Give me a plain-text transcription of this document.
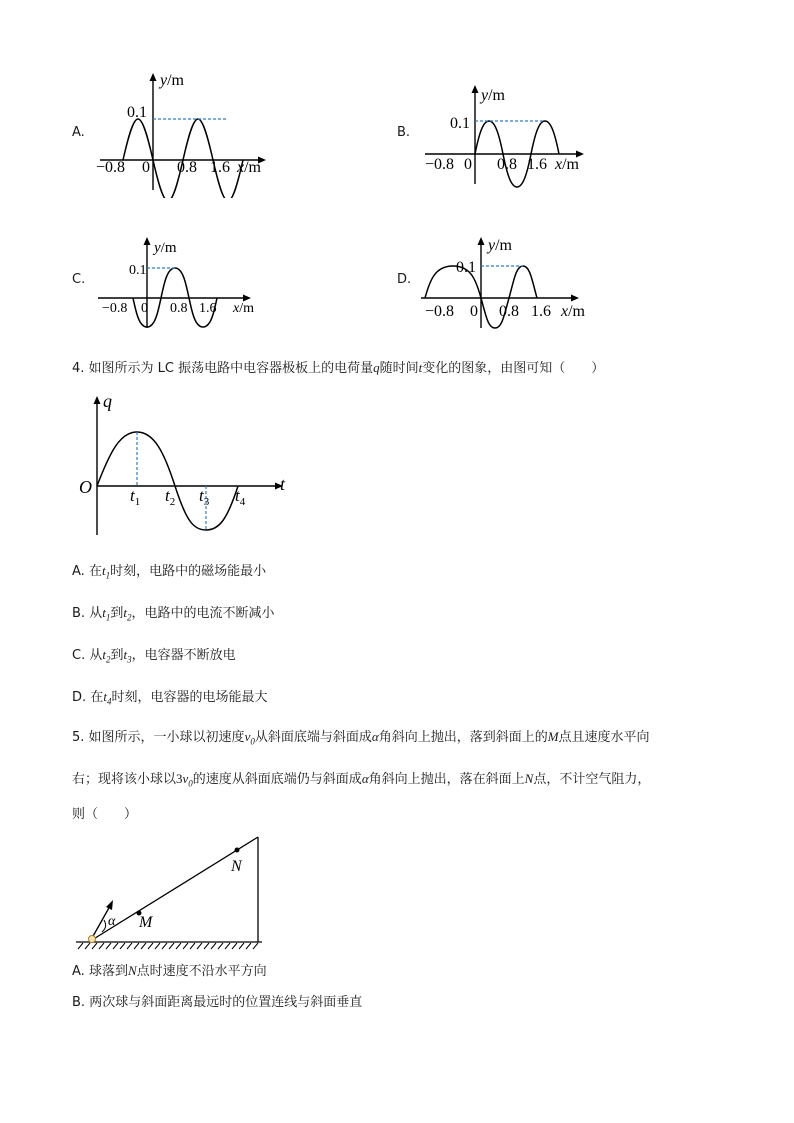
A.
y/m
0.1
−0.8 0 0.8 1.6 x/m
B.
y/m
0.1
−0.8 0 0.8 1.6 x/m
C.
y/m
0.1
−0.8 0 0.8 1.6 x/m
D.
y/m
0.1
−0.8 0 0.8 1.6 x/m
4. 如图所示为 LC 振荡电路中电容器极板上的电荷量q随时间t变化的图象，由图可知（　　）
q
t
O $t_1$ $t_2$ $t_3$ $t_4$
A. 在$t_1$时刻，电路中的磁场能最小
B. 从$t_1$到$t_2$，电路中的电流不断减小
C. 从$t_2$到$t_3$，电容器不断放电
D. 在$t_4$时刻，电容器的电场能最大
5. 如图所示，一小球以初速度$v_0$从斜面底端与斜面成α角斜向上抛出，落到斜面上的M点且速度水平向
右；现将该小球以$3v_0$的速度从斜面底端仍与斜面成α角斜向上抛出，落在斜面上N点，不计空气阻力，
则（　　）
N
M
α
A. 球落到N点时速度不沿水平方向
B. 两次球与斜面距离最远时的位置连线与斜面垂直
